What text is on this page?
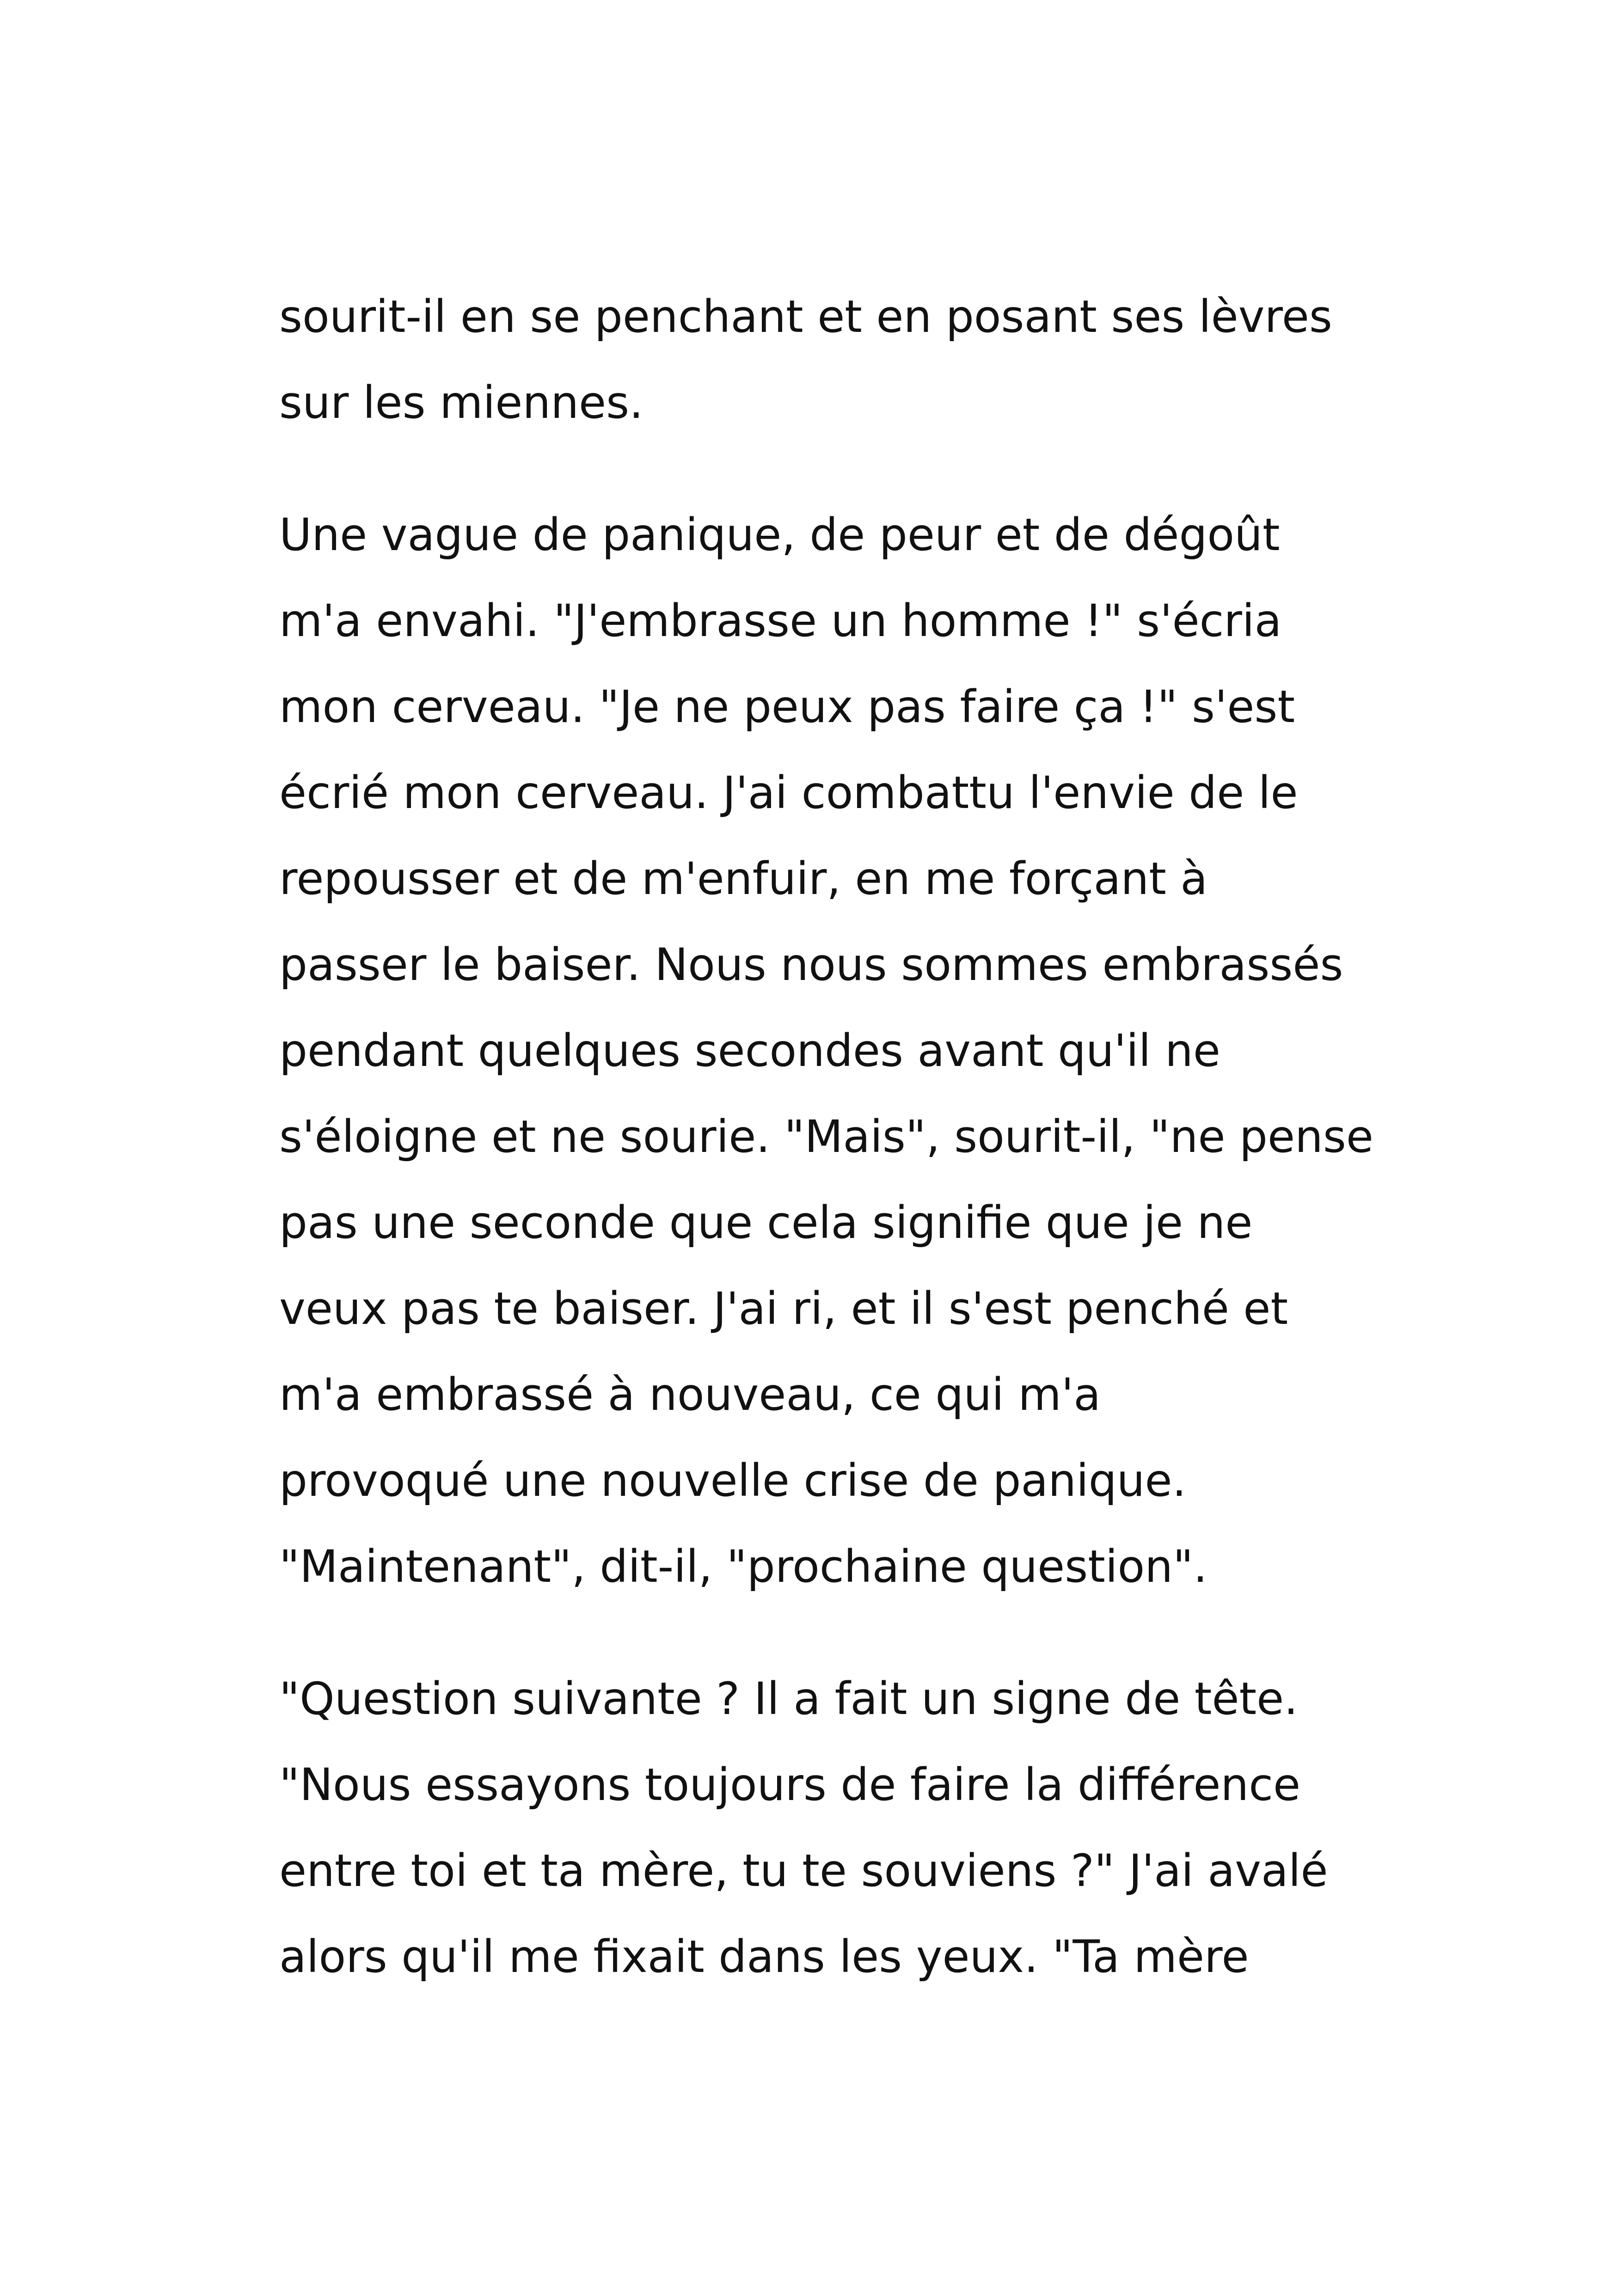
sourit-il en se penchant et en posant ses lèvres
sur les miennes.

Une vague de panique, de peur et de dégoût
m'a envahi. "J'embrasse un homme !" s'écria
mon cerveau. "Je ne peux pas faire ça !" s'est
écrié mon cerveau. J'ai combattu l'envie de le
repousser et de m'enfuir, en me forçant à
passer le baiser. Nous nous sommes embrassés
pendant quelques secondes avant qu'il ne
s'éloigne et ne sourie. "Mais", sourit-il, "ne pense
pas une seconde que cela signifie que je ne
veux pas te baiser. J'ai ri, et il s'est penché et
m'a embrassé à nouveau, ce qui m'a
provoqué une nouvelle crise de panique.
"Maintenant", dit-il, "prochaine question".

"Question suivante ? Il a fait un signe de tête.
"Nous essayons toujours de faire la différence
entre toi et ta mère, tu te souviens ?" J'ai avalé
alors qu'il me fixait dans les yeux. "Ta mère
